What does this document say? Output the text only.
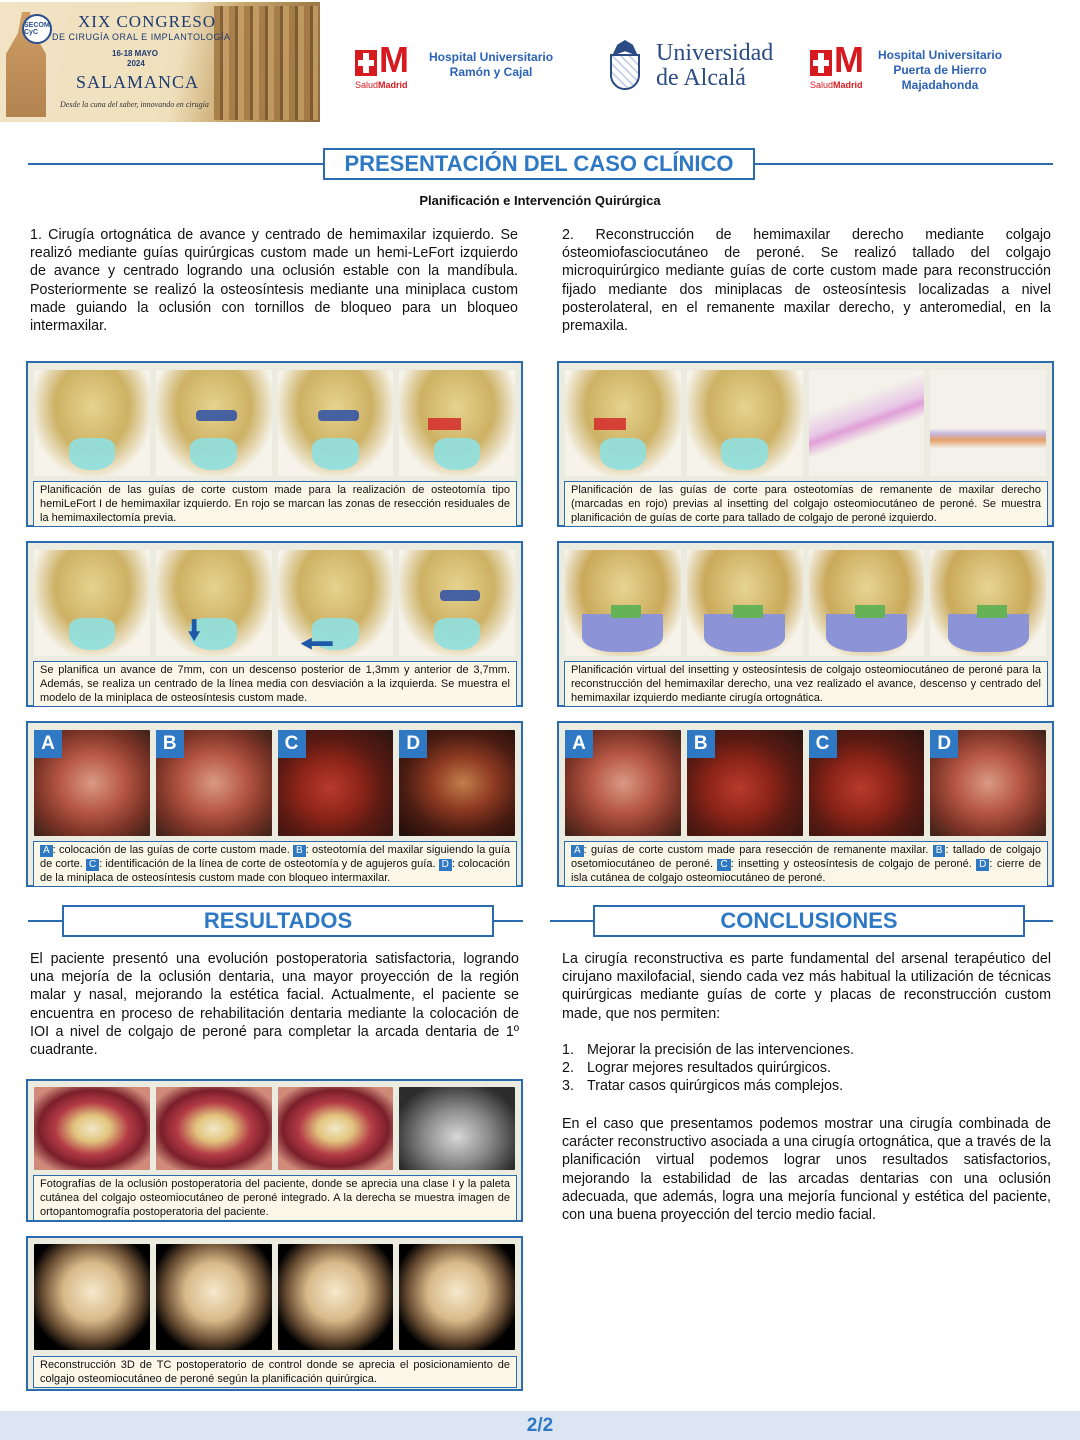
SECOM CyC
XIX CONGRESO
DE CIRUGÍA ORAL E IMPLANTOLOGÍA
16-18 MAYO
2024
SALAMANCA
Desde la cuna del saber, innovando en cirugía
M
SaludMadrid
Hospital Universitario
Ramón y Cajal
Universidad
de Alcalá	M
SaludMadrid
Hospital Universitario
Puerta de Hierro
Majadahonda
PRESENTACIÓN DEL CASO CLÍNICO
Planificación e Intervención Quirúrgica
1. Cirugía ortognática de avance y centrado de hemimaxilar izquierdo. Se realizó mediante guías quirúrgicas custom made un hemi-LeFort izquierdo de avance y centrado logrando una oclusión estable con la mandíbula. Posteriormente se realizó la osteosíntesis mediante una miniplaca custom made guiando la oclusión con tornillos de bloqueo para un bloqueo intermaxilar.
2. Reconstrucción de hemimaxilar derecho mediante colgajo ósteomiofasciocutáneo de peroné. Se realizó tallado del colgajo microquirúrgico mediante guías de corte custom made para reconstrucción fijado mediante dos miniplacas de osteosíntesis localizadas a nivel posterolateral, en el remanente maxilar derecho, y anteromedial, en la premaxila.
Planificación de las guías de corte custom made para la realización de osteotomía tipo hemiLeFort I de hemimaxilar izquierdo. En rojo se marcan las zonas de resección residuales de la hemimaxilectomía previa.
Planificación de las guías de corte para osteotomías de remanente de maxilar derecho (marcadas en rojo) previas al insetting del colgajo osteomiocutáneo de peroné. Se muestra planificación de guías de corte para tallado de colgajo de peroné izquierdo.
Se planifica un avance de 7mm, con un descenso posterior de 1,3mm y anterior de 3,7mm. Además, se realiza un centrado de la línea media con desviación a la izquierda. Se muestra el modelo de la miniplaca de osteosíntesis custom made.
Planificación virtual del insetting y osteosíntesis de colgajo osteomiocutáneo de peroné para la reconstrucción del hemimaxilar derecho, una vez realizado el avance, descenso y centrado del hemimaxilar izquierdo mediante cirugía ortognática.
A	B	C	D
A : colocación de las guías de corte custom made. B : osteotomía del maxilar siguiendo la guía de corte. C : identificación de la línea de corte de osteotomía y de agujeros guía. D : colocación de la miniplaca de osteosíntesis custom made con bloqueo intermaxilar.
A	B	C	D
A : guías de corte custom made para resección de remanente maxilar. B : tallado de colgajo osetomiocutáneo de peroné. C : insetting y osteosíntesis de colgajo de peroné. D : cierre de isla cutánea de colgajo osteomiocutáneo de peroné.
RESULTADOS
El paciente presentó una evolución postoperatoria satisfactoria, logrando una mejoría de la oclusión dentaria, una mayor proyección de la región malar y nasal, mejorando la estética facial. Actualmente, el paciente se encuentra en proceso de rehabilitación dentaria mediante la colocación de IOI a nivel de colgajo de peroné para completar la arcada dentaria de 1º cuadrante.
Fotografías de la oclusión postoperatoria del paciente, donde se aprecia una clase I y la paleta cutánea del colgajo osteomiocutáneo de peroné integrado. A la derecha se muestra imagen de ortopantomografía postoperatoria del paciente.
Reconstrucción 3D de TC postoperatorio de control donde se aprecia el posicionamiento de colgajo osteomiocutáneo de peroné según la planificación quirúrgica.
CONCLUSIONES
La cirugía reconstructiva es parte fundamental del arsenal terapéutico del cirujano maxilofacial, siendo cada vez más habitual la utilización de técnicas quirúrgicas mediante guías de corte y placas de reconstrucción custom made, que nos permiten:
1. Mejorar la precisión de las intervenciones.
2. Lograr mejores resultados quirúrgicos.
3. Tratar casos quirúrgicos más complejos.
En el caso que presentamos podemos mostrar una cirugía combinada de carácter reconstructivo asociada a una cirugía ortognática, que a través de la planificación virtual podemos lograr unos resultados satisfactorios, mejorando la estabilidad de las arcadas dentarias con una oclusión adecuada, que además, logra una mejoría funcional y estética del paciente, con una buena proyección del tercio medio facial.
2/2
